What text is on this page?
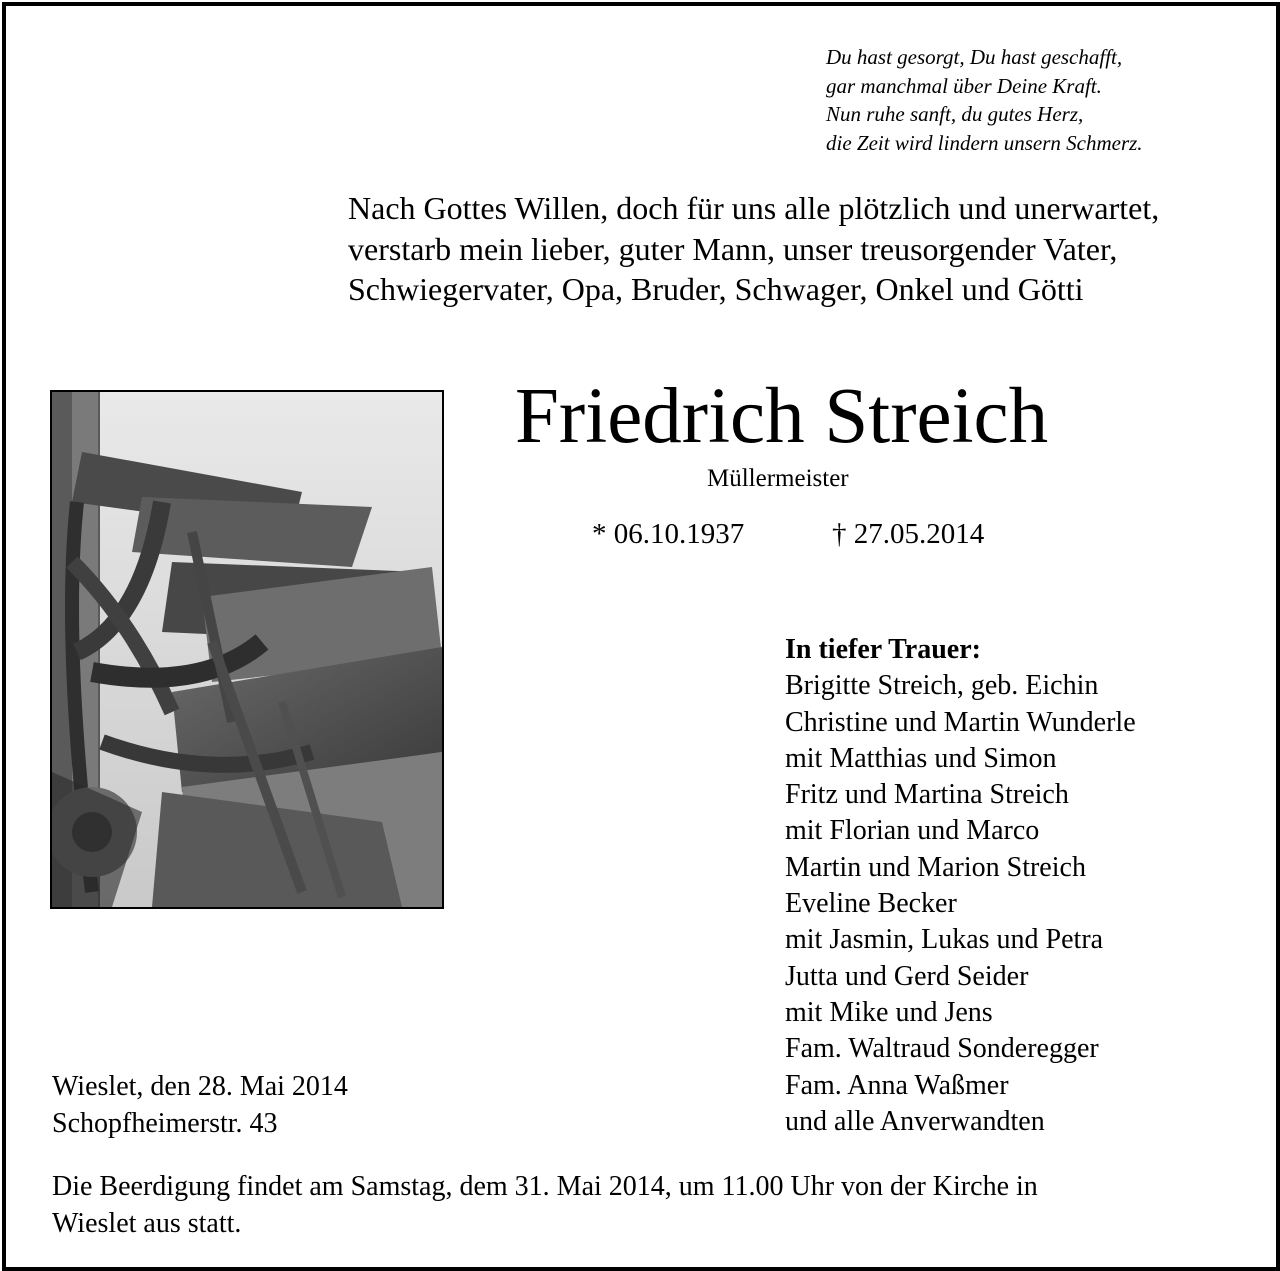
Du hast gesorgt, Du hast geschafft,
gar manchmal über Deine Kraft.
Nun ruhe sanft, du gutes Herz,
die Zeit wird lindern unsern Schmerz.
Nach Gottes Willen, doch für uns alle plötzlich und unerwartet,
verstarb mein lieber, guter Mann, unser treusorgender Vater,
Schwiegervater, Opa, Bruder, Schwager, Onkel und Götti
Friedrich Streich
Müllermeister
* 06.10.1937	† 27.05.2014
In tiefer Trauer:
Brigitte Streich, geb. Eichin
Christine und Martin Wunderle
mit Matthias und Simon
Fritz und Martina Streich
mit Florian und Marco
Martin und Marion Streich
Eveline Becker
mit Jasmin, Lukas und Petra
Jutta und Gerd Seider
mit Mike und Jens
Fam. Waltraud Sonderegger
Fam. Anna Waßmer
und alle Anverwandten
Wieslet, den 28. Mai 2014
Schopfheimerstr. 43
Die Beerdigung findet am Samstag, dem 31. Mai 2014, um 11.00 Uhr von der Kirche in
Wieslet aus statt.
